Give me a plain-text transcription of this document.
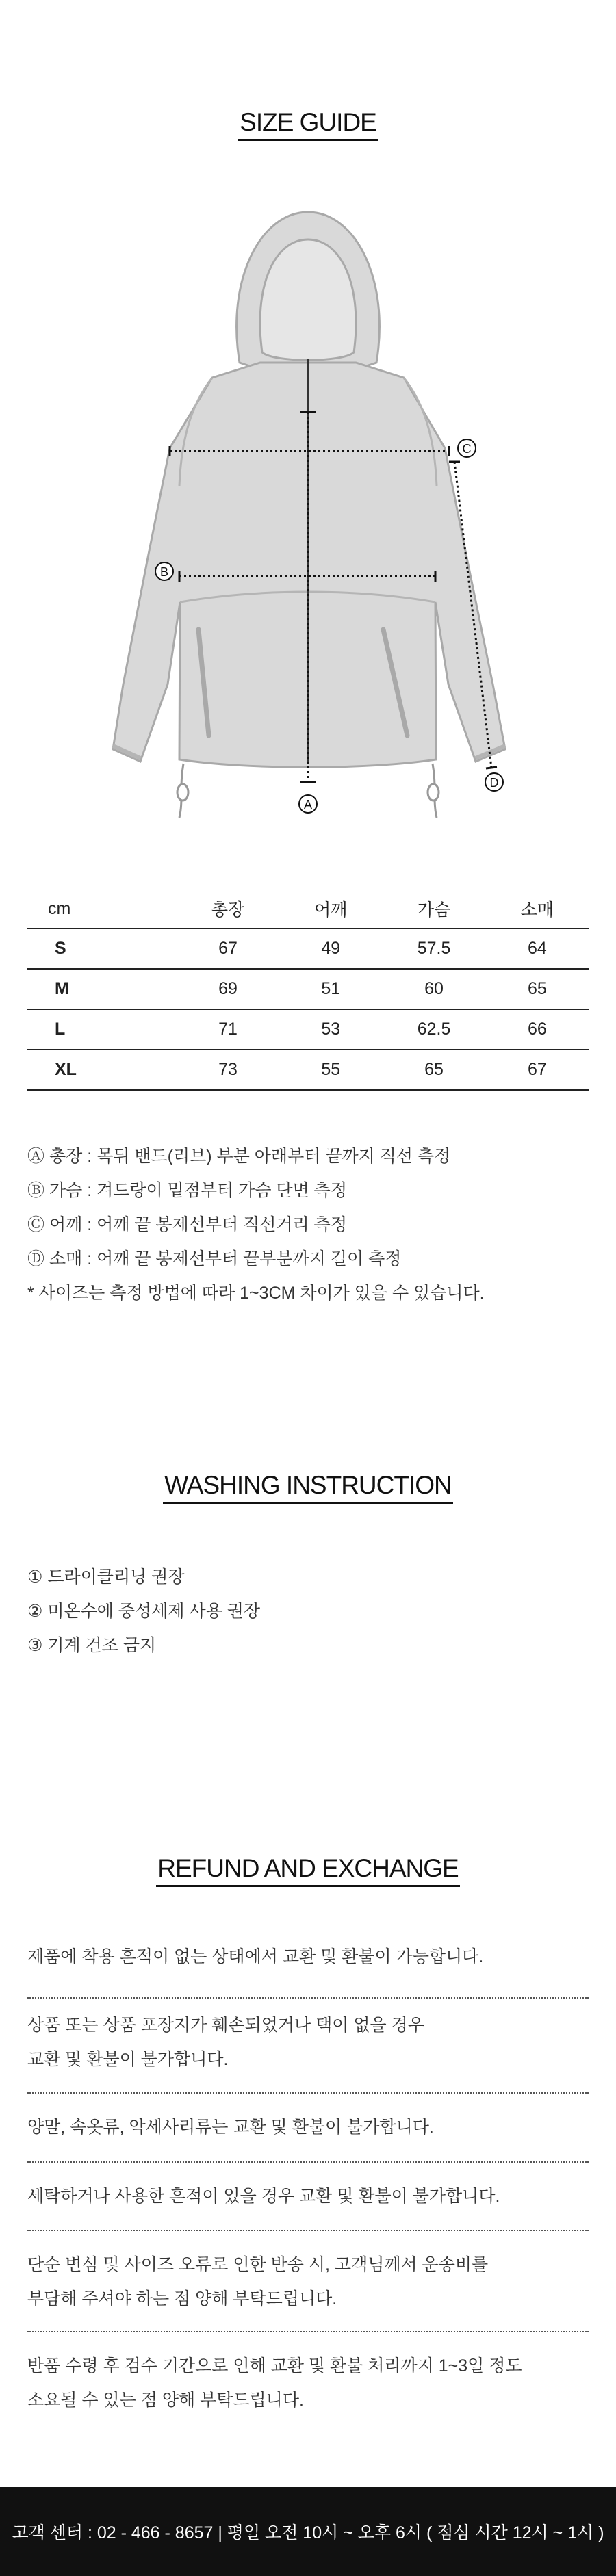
SIZE GUIDE
A
B
C
D
cm	총장	어깨	가슴	소매
S	67	49	57.5	64
M	69	51	60	65
L	71	53	62.5	66
XL	73	55	65	67
Ⓐ 총장 : 목뒤 밴드(리브) 부분 아래부터 끝까지 직선 측정
Ⓑ 가슴 : 겨드랑이 밑점부터 가슴 단면 측정
Ⓒ 어깨 : 어깨 끝 봉제선부터 직선거리 측정
Ⓓ 소매 : 어깨 끝 봉제선부터 끝부분까지 길이 측정
* 사이즈는 측정 방법에 따라 1~3CM 차이가 있을 수 있습니다.
WASHING INSTRUCTION
① 드라이클리닝 권장
② 미온수에 중성세제 사용 권장
③ 기계 건조 금지
REFUND AND EXCHANGE

제품에 착용 흔적이 없는 상태에서 교환 및 환불이 가능합니다.

상품 또는 상품 포장지가 훼손되었거나 택이 없을 경우

교환 및 환불이 불가합니다.

양말, 속옷류, 악세사리류는 교환 및 환불이 불가합니다.

세탁하거나 사용한 흔적이 있을 경우 교환 및 환불이 불가합니다.

단순 변심 및 사이즈 오류로 인한 반송 시, 고객님께서 운송비를

부담해 주셔야 하는 점 양해 부탁드립니다.

반품 수령 후 검수 기간으로 인해 교환 및 환불 처리까지 1~3일 정도

소요될 수 있는 점 양해 부탁드립니다.

고객 센터 : 02 - 466 - 8657 | 평일 오전 10시 ~ 오후 6시 ( 점심 시간 12시 ~ 1시 )
